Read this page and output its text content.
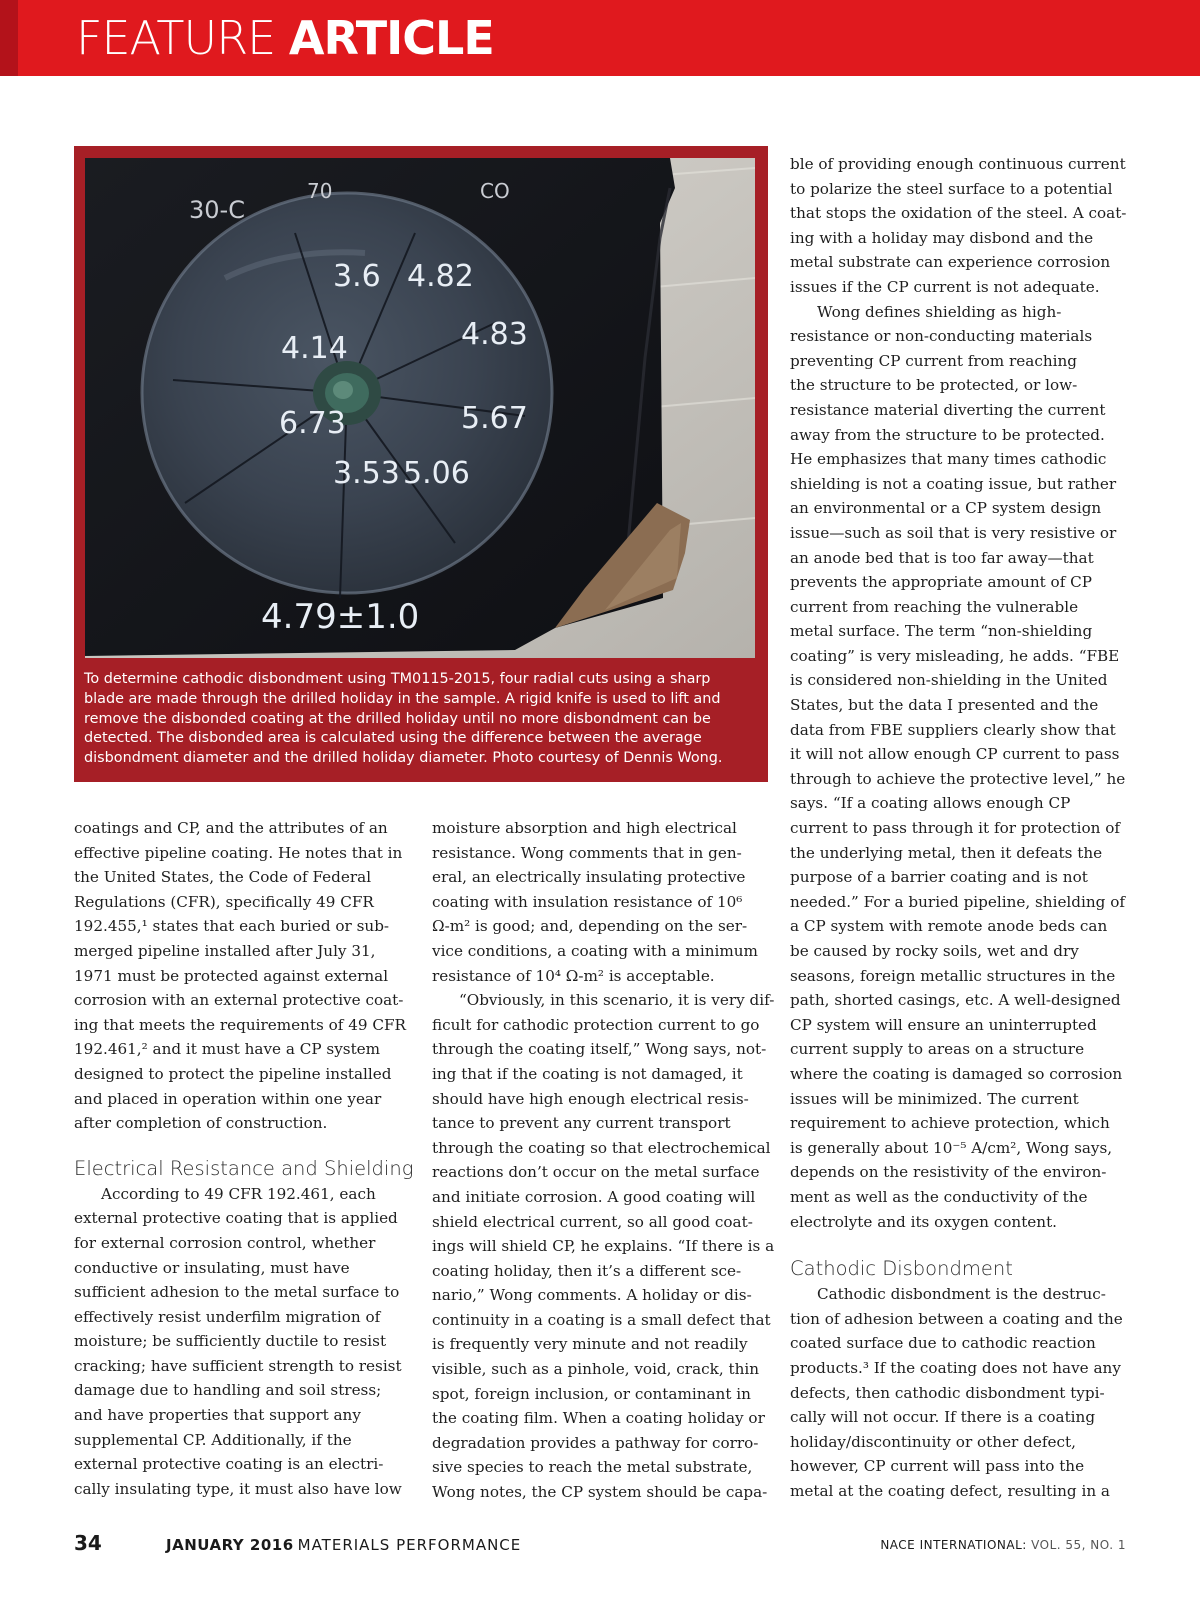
FEATURE ARTICLE
30-C
70	CO
3.6 4.82
4.14	4.83
6.73	5.67
3.53 5.06
4.79±1.0
To determine cathodic disbondment using TM0115-2015, four radial cuts using a sharp
blade are made through the drilled holiday in the sample. A rigid knife is used to lift and
remove the disbonded coating at the drilled holiday until no more disbondment can be
detected. The disbonded area is calculated using the difference between the average
disbondment diameter and the drilled holiday diameter. Photo courtesy of Dennis Wong.
coatings and CP, and the attributes of an
effective pipeline coating. He notes that in
the United States, the Code of Federal
Regulations (CFR), specifically 49 CFR
192.455,¹ states that each buried or sub-
merged pipeline installed after July 31,
1971 must be protected against external
corrosion with an external protective coat-
ing that meets the requirements of 49 CFR
192.461,² and it must have a CP system
designed to protect the pipeline installed
and placed in operation within one year
after completion of construction.
Electrical Resistance and Shielding
According to 49 CFR 192.461, each
external protective coating that is applied
for external corrosion control, whether
conductive or insulating, must have
sufficient adhesion to the metal surface to
effectively resist underfilm migration of
moisture; be sufficiently ductile to resist
cracking; have sufficient strength to resist
damage due to handling and soil stress;
and have properties that support any
supplemental CP. Additionally, if the
external protective coating is an electri-
cally insulating type, it must also have low
moisture absorption and high electrical
resistance. Wong comments that in gen-
eral, an electrically insulating protective
coating with insulation resistance of 10⁶
Ω-m² is good; and, depending on the ser-
vice conditions, a coating with a minimum
resistance of 10⁴ Ω-m² is acceptable.
“Obviously, in this scenario, it is very dif-
ficult for cathodic protection current to go
through the coating itself,” Wong says, not-
ing that if the coating is not damaged, it
should have high enough electrical resis-
tance to prevent any current transport
through the coating so that electrochemical
reactions don’t occur on the metal surface
and initiate corrosion. A good coating will
shield electrical current, so all good coat-
ings will shield CP, he explains. “If there is a
coating holiday, then it’s a different sce-
nario,” Wong comments. A holiday or dis-
continuity in a coating is a small defect that
is frequently very minute and not readily
visible, such as a pinhole, void, crack, thin
spot, foreign inclusion, or contaminant in
the coating film. When a coating holiday or
degradation provides a pathway for corro-
sive species to reach the metal substrate,
Wong notes, the CP system should be capa-
ble of providing enough continuous current
to polarize the steel surface to a potential
that stops the oxidation of the steel. A coat-
ing with a holiday may disbond and the
metal substrate can experience corrosion
issues if the CP current is not adequate.
Wong defines shielding as high-
resistance or non-conducting materials
preventing CP current from reaching
the structure to be protected, or low-
resistance material diverting the current
away from the structure to be protected.
He emphasizes that many times cathodic
shielding is not a coating issue, but rather
an environmental or a CP system design
issue—such as soil that is very resistive or
an anode bed that is too far away—that
prevents the appropriate amount of CP
current from reaching the vulnerable
metal surface. The term “non-shielding
coating” is very misleading, he adds. “FBE
is considered non-shielding in the United
States, but the data I presented and the
data from FBE suppliers clearly show that
it will not allow enough CP current to pass
through to achieve the protective level,” he
says. “If a coating allows enough CP
current to pass through it for protection of
the underlying metal, then it defeats the
purpose of a barrier coating and is not
needed.” For a buried pipeline, shielding of
a CP system with remote anode beds can
be caused by rocky soils, wet and dry
seasons, foreign metallic structures in the
path, shorted casings, etc. A well-designed
CP system will ensure an uninterrupted
current supply to areas on a structure
where the coating is damaged so corrosion
issues will be minimized. The current
requirement to achieve protection, which
is generally about 10⁻⁵ A/cm², Wong says,
depends on the resistivity of the environ-
ment as well as the conductivity of the
electrolyte and its oxygen content.
Cathodic Disbondment
Cathodic disbondment is the destruc-
tion of adhesion between a coating and the
coated surface due to cathodic reaction
products.³ If the coating does not have any
defects, then cathodic disbondment typi-
cally will not occur. If there is a coating
holiday/discontinuity or other defect,
however, CP current will pass into the
metal at the coating defect, resulting in a
34	JANUARY 2016 MATERIALS PERFORMANCE	NACE INTERNATIONAL: VOL. 55, NO. 1
